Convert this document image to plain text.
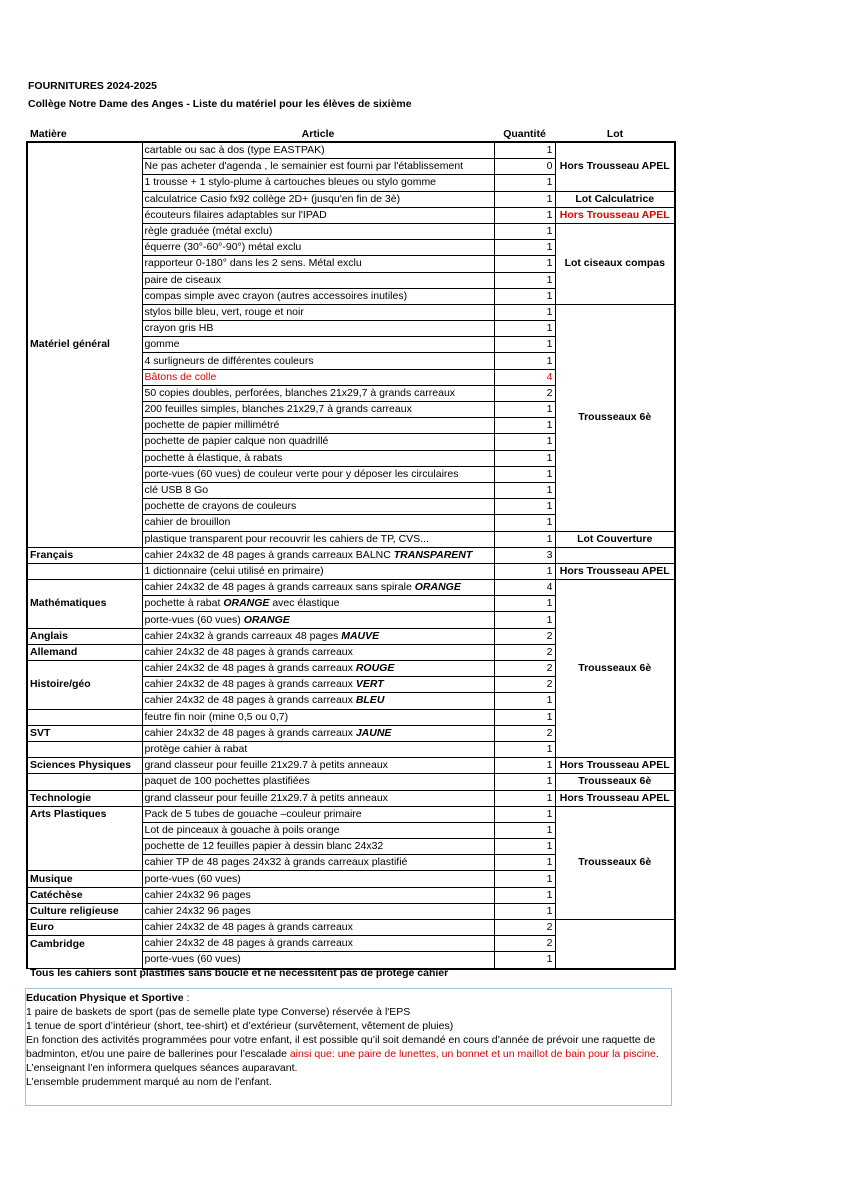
FOURNITURES 2024-2025
Collège Notre Dame des Anges - Liste du matériel pour les élèves de sixième
Matière	Article	Quantité	Lot
	cartable ou sac à dos (type EASTPAK)	1	Hors Trousseau APEL
	Ne pas acheter d'agenda , le semainier est fourni par l'établissement	0	
	1 trousse + 1 stylo-plume à cartouches bleues ou stylo gomme	1	
	calculatrice Casio fx92 collège 2D+ (jusqu'en fin de 3è)	1	Lot Calculatrice
	écouteurs filaires adaptables sur l'IPAD	1	Hors Trousseau APEL
	règle graduée (métal exclu)	1	Lot ciseaux compas
	équerre (30°-60°-90°) métal exclu	1	
	rapporteur 0-180° dans les 2 sens. Métal exclu	1	
	paire de ciseaux	1	
	compas simple avec crayon (autres accessoires inutiles)	1	
	stylos bille bleu, vert, rouge et noir	1	Trousseaux 6è
	crayon gris HB	1	
Matériel général	gomme	1	
	4 surligneurs de différentes couleurs	1	
	Bâtons de colle	4	
	50 copies doubles, perforées, blanches 21x29,7 à grands carreaux	2	
	200 feuilles simples, blanches 21x29,7 à grands carreaux	1	
	pochette de papier millimétré	1	
	pochette de papier calque non quadrillé	1	
	pochette à élastique, à rabats	1	
	porte-vues (60 vues) de couleur verte pour y déposer les circulaires	1	
	clé USB 8 Go	1	
	pochette de crayons de couleurs	1	
	cahier de brouillon	1	
	plastique transparent pour recouvrir les cahiers de TP, CVS...	1	Lot Couverture
Français	cahier 24x32 de 48 pages à grands carreaux BALNC TRANSPARENT	3	
	1 dictionnaire (celui utilisé en primaire)	1	Hors Trousseau APEL
	cahier 24x32 de 48 pages à grands carreaux sans spirale ORANGE	4	Trousseaux 6è
Mathématiques	pochette à rabat ORANGE avec élastique	1	
	porte-vues (60 vues) ORANGE	1	
Anglais	cahier 24x32 à grands carreaux 48 pages MAUVE	2	
Allemand	cahier 24x32 de 48 pages à grands carreaux	2	
	cahier 24x32 de 48 pages à grands carreaux ROUGE	2	
Histoire/géo	cahier 24x32 de 48 pages à grands carreaux VERT	2	
	cahier 24x32 de 48 pages à grands carreaux BLEU	1	
	feutre fin noir (mine 0,5 ou 0,7)	1	
SVT	cahier 24x32 de 48 pages à grands carreaux JAUNE	2	
	protège cahier à rabat	1	
Sciences Physiques	grand classeur pour feuille 21x29.7 à petits anneaux	1	Hors Trousseau APEL
	paquet de 100 pochettes plastifiées	1	Trousseaux 6è
Technologie	grand classeur pour feuille 21x29.7 à petits anneaux	1	Hors Trousseau APEL
Arts Plastiques	Pack de 5 tubes de gouache –couleur primaire	1	Trousseaux 6è
	Lot de pinceaux à gouache à poils orange	1	
	pochette de 12 feuilles papier à dessin blanc 24x32	1	
	cahier TP de 48 pages 24x32 à grands carreaux plastifié	1	
Musique	porte-vues (60 vues)	1	
Catéchèse	cahier 24x32 96 pages	1	
Culture religieuse	cahier 24x32 96 pages	1	
Euro	cahier 24x32 de 48 pages à grands carreaux	2	
Cambridge	cahier 24x32 de 48 pages à grands carreaux	2	
	porte-vues (60 vues)	1	
Tous les cahiers sont plastifiés sans boucle et ne nécessitent pas de protège cahier

Education Physique et Sportive :

1 paire de baskets de sport (pas de semelle plate type Converse) réservée à l'EPS

1 tenue de sport d’intérieur (short, tee-shirt) et d’extérieur (survêtement, vêtement de pluies)

En fonction des activités programmées pour votre enfant, il est possible qu’il soit demandé en cours d’année de prévoir une raquette de badminton, et/ou une paire de ballerines pour l’escalade ainsi que: une paire de lunettes, un bonnet et un maillot de bain pour la piscine. L’enseignant l’en informera quelques séances auparavant.

L’ensemble prudemment marqué au nom de l’enfant.
